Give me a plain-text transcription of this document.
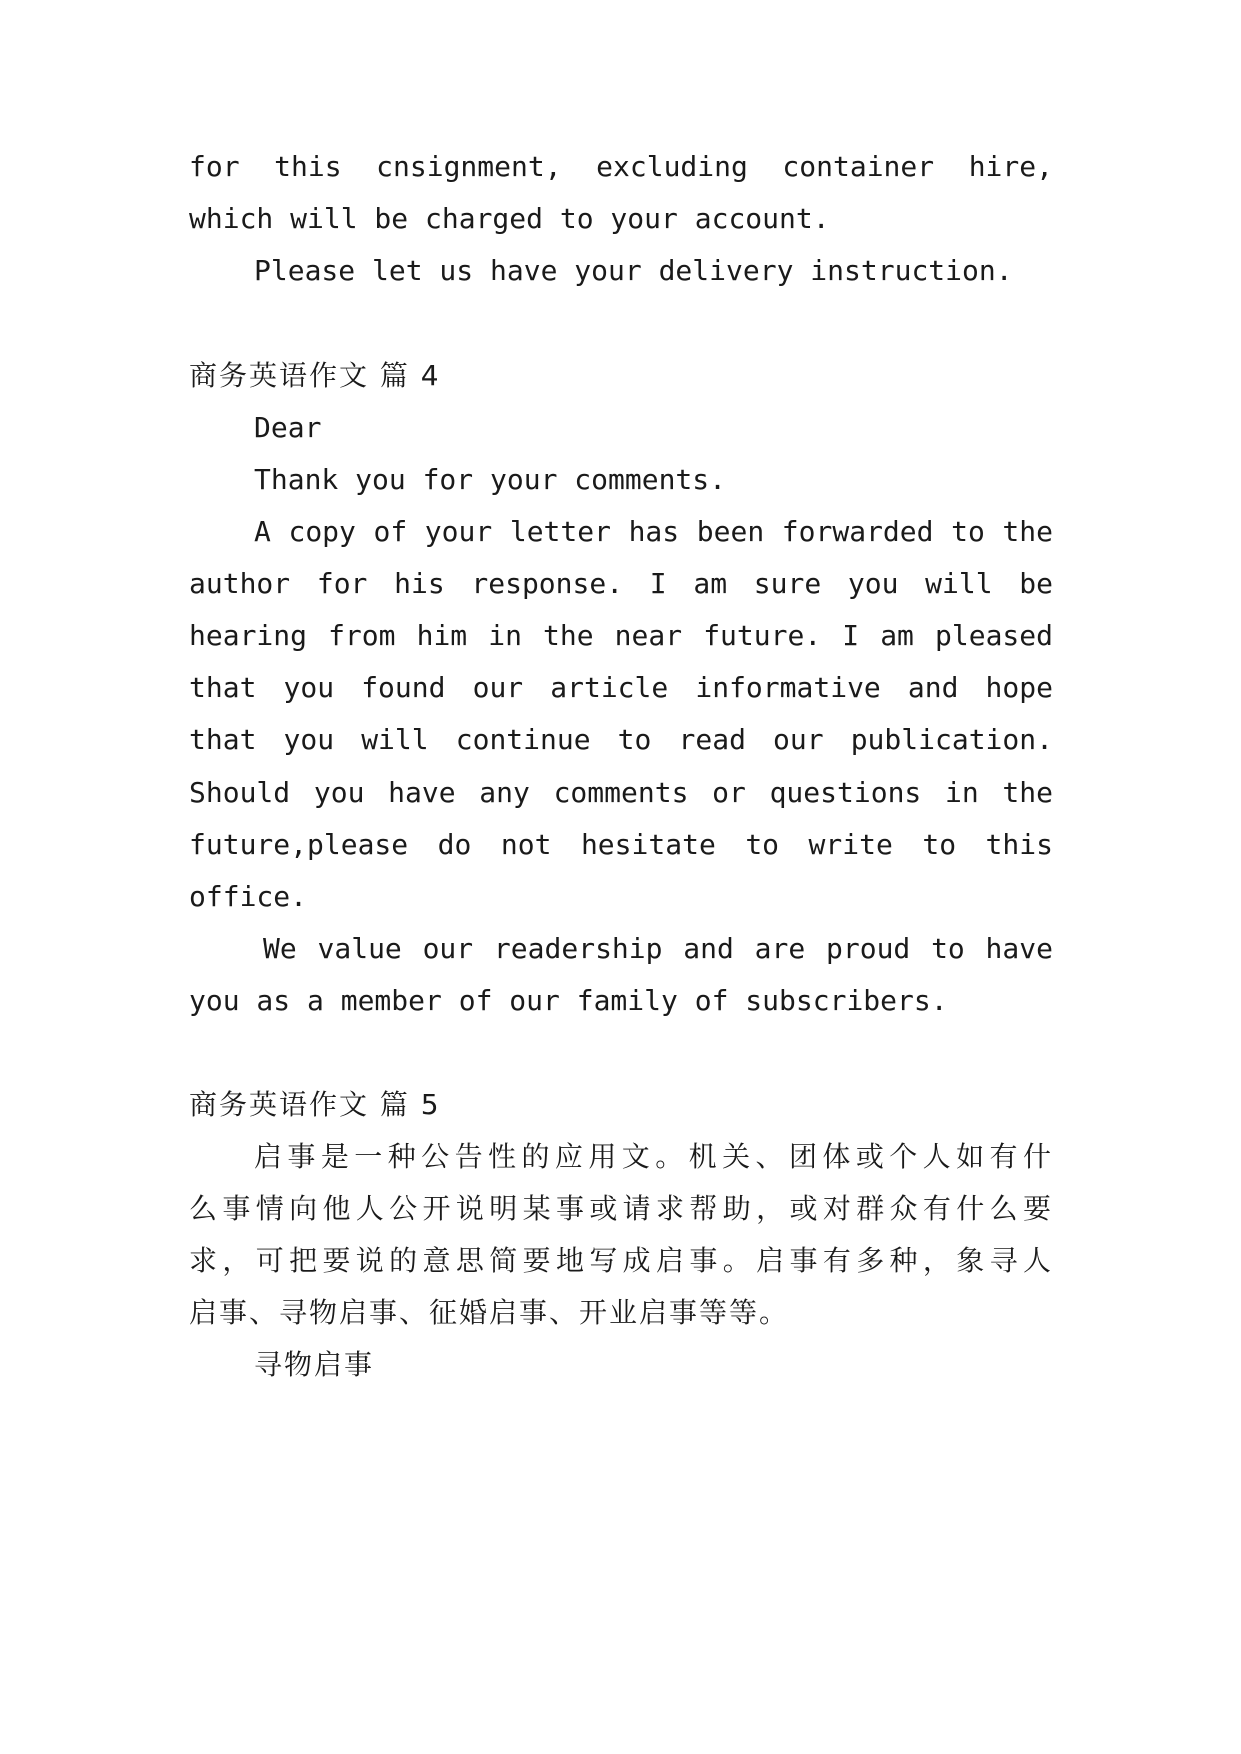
for this cnsignment, excluding container hire,
which will be charged to your account.
Please let us have your delivery instruction.
商务英语作文 篇 4
Dear
Thank you for your comments.
A copy of your letter has been forwarded to the
author for his response. I am sure you will be
hearing from him in the near future. I am pleased
that you found our article informative and hope
that you will continue to read our publication.
Should you have any comments or questions in the
future,please do not hesitate to write to this
office.
We value our readership and are proud to have
you as a member of our family of subscribers.
商务英语作文 篇 5
启事是一种公告性的应用文。机关、团体或个人如有什
么事情向他人公开说明某事或请求帮助，或对群众有什么要
求，可把要说的意思简要地写成启事。启事有多种，象寻人
启事、寻物启事、征婚启事、开业启事等等。
寻物启事
